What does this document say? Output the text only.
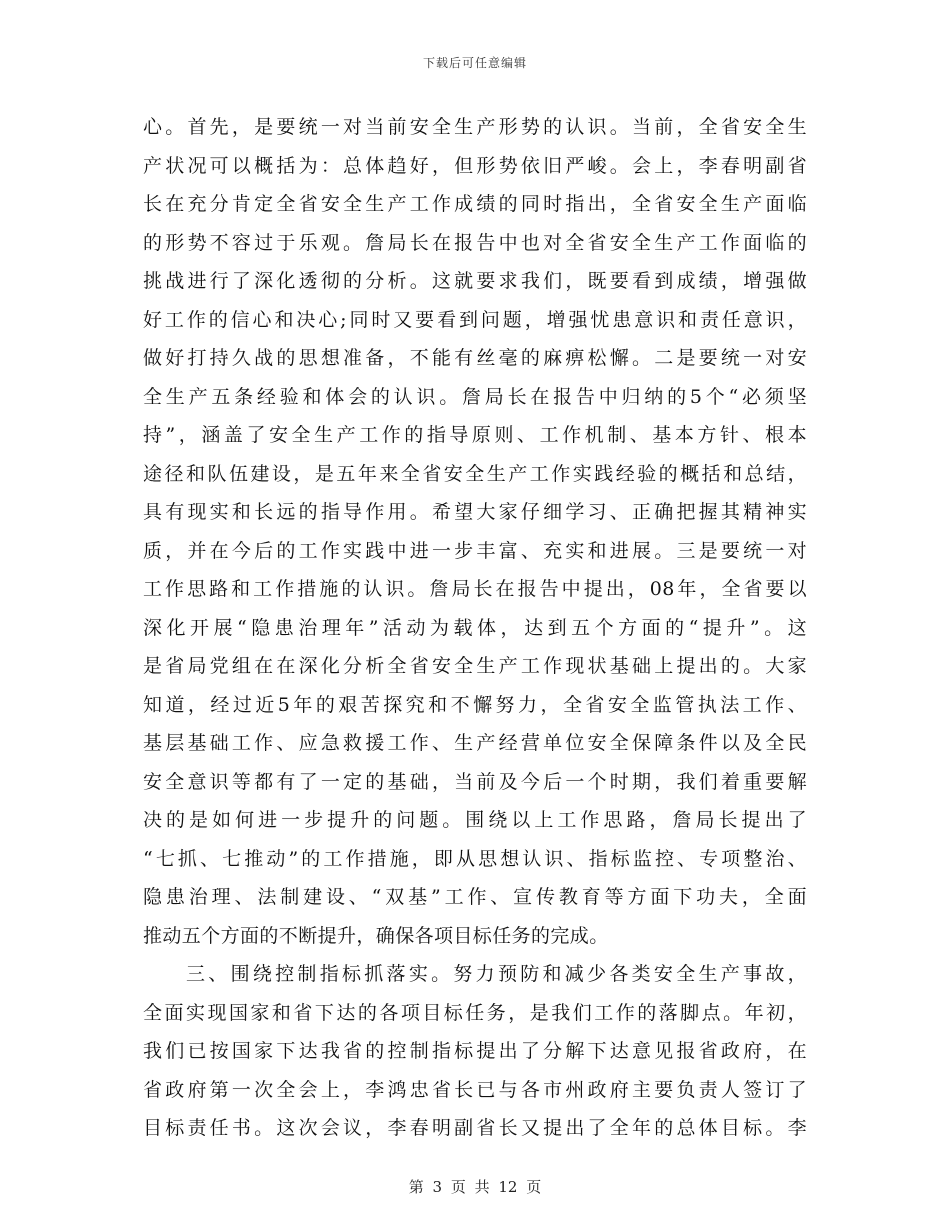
下载后可任意编辑
心。首先，是要统一对当前安全生产形势的认识。当前，全省安全生
产状况可以概括为：总体趋好，但形势依旧严峻。会上，李春明副省
长在充分肯定全省安全生产工作成绩的同时指出，全省安全生产面临
的形势不容过于乐观。詹局长在报告中也对全省安全生产工作面临的
挑战进行了深化透彻的分析。这就要求我们，既要看到成绩，增强做
好工作的信心和决心;同时又要看到问题，增强忧患意识和责任意识，
做好打持久战的思想准备，不能有丝毫的麻痹松懈。二是要统一对安
全生产五条经验和体会的认识。詹局长在报告中归纳的5个“必须坚
持”，涵盖了安全生产工作的指导原则、工作机制、基本方针、根本
途径和队伍建设，是五年来全省安全生产工作实践经验的概括和总结，
具有现实和长远的指导作用。希望大家仔细学习、正确把握其精神实
质，并在今后的工作实践中进一步丰富、充实和进展。三是要统一对
工作思路和工作措施的认识。詹局长在报告中提出，08年，全省要以
深化开展“隐患治理年”活动为载体，达到五个方面的“提升”。这
是省局党组在在深化分析全省安全生产工作现状基础上提出的。大家
知道，经过近5年的艰苦探究和不懈努力，全省安全监管执法工作、
基层基础工作、应急救援工作、生产经营单位安全保障条件以及全民
安全意识等都有了一定的基础，当前及今后一个时期，我们着重要解
决的是如何进一步提升的问题。围绕以上工作思路，詹局长提出了
“七抓、七推动”的工作措施，即从思想认识、指标监控、专项整治、
隐患治理、法制建设、“双基”工作、宣传教育等方面下功夫，全面
推动五个方面的不断提升，确保各项目标任务的完成。
三、围绕控制指标抓落实。努力预防和减少各类安全生产事故，
全面实现国家和省下达的各项目标任务，是我们工作的落脚点。年初，
我们已按国家下达我省的控制指标提出了分解下达意见报省政府，在
省政府第一次全会上，李鸿忠省长已与各市州政府主要负责人签订了
目标责任书。这次会议，李春明副省长又提出了全年的总体目标。李
第 3 页 共 12 页
